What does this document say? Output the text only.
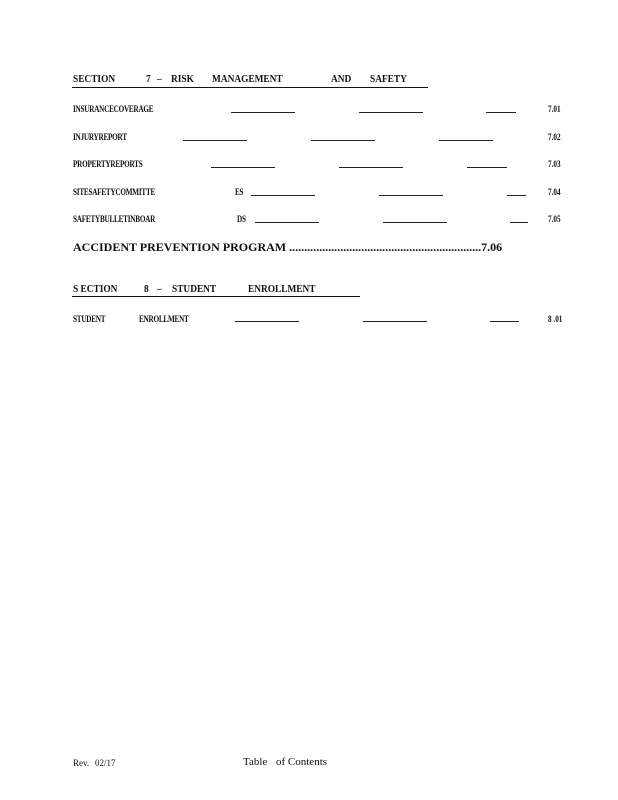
SECTION	7 – RISK MANAGEMENT	AND SAFETY
INSURANCECOVERAGE	7.01
INJURYREPORT	7.02
PROPERTYREPORTS	7.03
SITESAFETYCOMMITTE	ES	7.04
SAFETYBULLETINBOAR	DS	7.05
ACCIDENT PREVENTION PROGRAM ................................................................7.06
S ECTION 8 – STUDENT	ENROLLMENT
STUDENT	ENROLLMENT	8 .01
Rev. 02/17	Table of Contents
